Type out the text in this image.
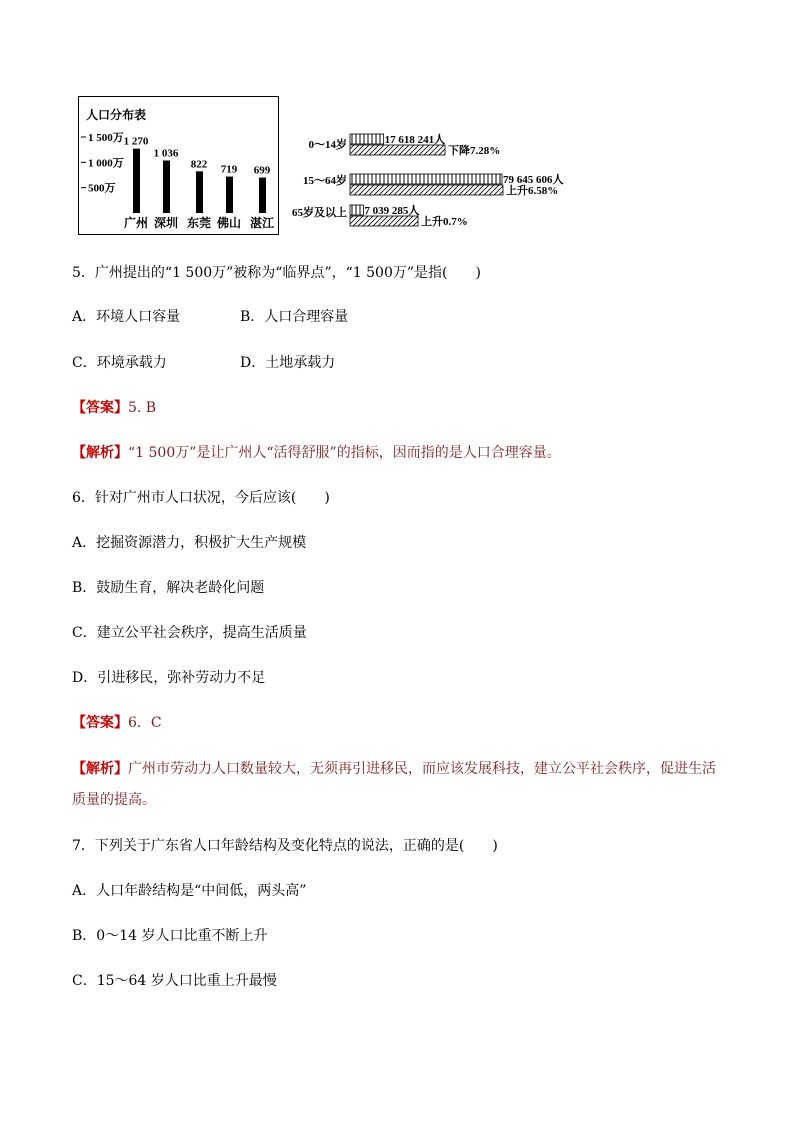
人口分布表
1 500万
1 000万
500万
1 270
广州
1 036
深圳
822
东莞
719
佛山
699
湛江
0～14岁	17 618 241人
下降7.28%
15～64岁	79 645 606人
上升6.58%
65岁及以上 7 039 285人
上升0.7%
5．广州提出的“1 500万”被称为“临界点”，“1 500万”是指(　　)
A．环境人口容量	B．人口合理容量
C．环境承载力	D．土地承载力
【答案】5. B
【解析】“1 500万”是让广州人“活得舒服”的指标，因而指的是人口合理容量。
6．针对广州市人口状况，今后应该(　　)
A．挖掘资源潜力，积极扩大生产规模
B．鼓励生育，解决老龄化问题
C．建立公平社会秩序，提高生活质量
D．引进移民，弥补劳动力不足
【答案】6．C
【解析】广州市劳动力人口数量较大，无须再引进移民，而应该发展科技，建立公平社会秩序，促进生活
质量的提高。
7．下列关于广东省人口年龄结构及变化特点的说法，正确的是(　　)
A．人口年龄结构是“中间低，两头高”
B．0～14 岁人口比重不断上升
C．15～64 岁人口比重上升最慢
